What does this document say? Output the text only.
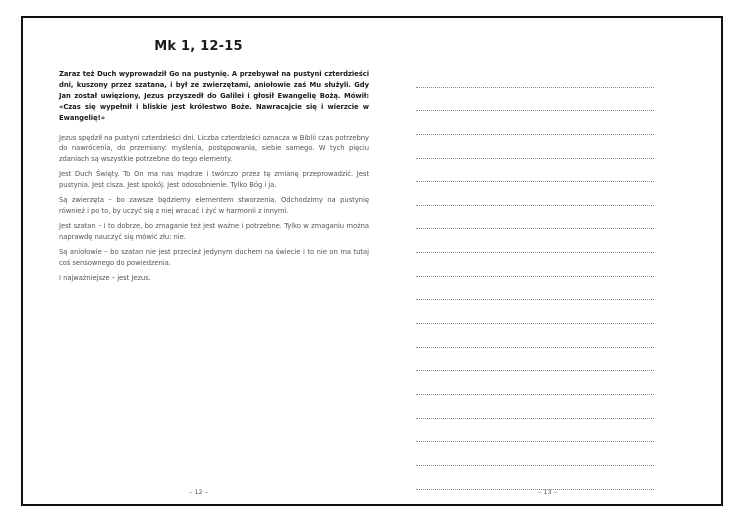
Mk 1, 12-15

Zaraz też Duch wyprowadził Go na pustynię. A przebywał na pustyni czterdzieści dni, kuszony przez szatana, i był ze zwierzętami, aniołowie zaś Mu służyli. Gdy Jan został uwięziony, Jezus przyszedł do Galilei i głosił Ewangelię Bożą. Mówił: «Czas się wypełnił i bliskie jest królestwo Boże. Nawracajcie się i wierzcie w Ewangelię!»

Jezus spędził na pustyni czterdzieści dni. Liczba czterdzieści oznacza w Biblii czas potrzebny do nawrócenia, do przemiany: myślenia, postępowania, siebie samego. W tych pięciu zdaniach są wszystkie potrzebne do tego elementy.

Jest Duch Święty. To On ma nas mądrze i twórczo przez tę zmianę przeprowadzić. Jest pustynia. Jest cisza. Jest spokój. Jest odosobnienie. Tylko Bóg i ja.

Są zwierzęta – bo zawsze będziemy elementem stworzenia. Odchodzimy na pustynię również i po to, by uczyć się z niej wracać i żyć w harmonii z innymi.

Jest szatan – i to dobrze, bo zmaganie też jest ważne i potrzebne. Tylko w zmaganiu można naprawdę nauczyć się mówić złu: nie.

Są aniołowie – bo szatan nie jest przecież jedynym duchem na świecie i to nie on ma tutaj coś sensownego do powiedzenia.

I najważniejsze – jest Jezus.

– 12 –	– 13 –
